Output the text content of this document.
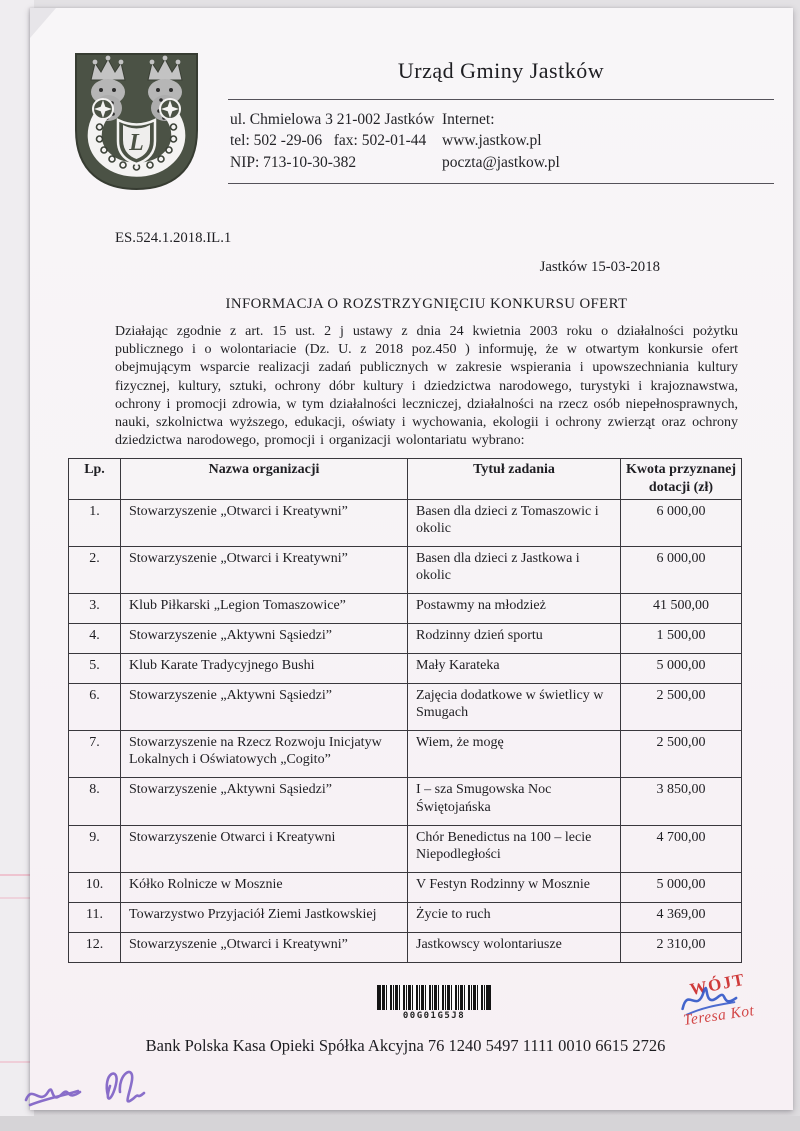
L
Urząd Gminy Jastków
ul. Chmielowa 3 21-002 Jastków
tel: 502 -29-06   fax: 502-01-44
NIP: 713-10-30-382
Internet:
www.jastkow.pl
poczta@jastkow.pl
ES.524.1.2018.IL.1
Jastków 15-03-2018
INFORMACJA O ROZSTRZYGNIĘCIU KONKURSU OFERT
Działając zgodnie z art. 15 ust. 2 j ustawy z dnia 24 kwietnia 2003 roku o działalności pożytku publicznego i o wolontariacie (Dz. U. z 2018 poz.450 ) informuję, że w otwartym konkursie ofert obejmującym wsparcie realizacji zadań publicznych w zakresie wspierania i upowszechniania kultury fizycznej, kultury, sztuki, ochrony dóbr kultury i dziedzictwa narodowego, turystyki i krajoznawstwa, ochrony i promocji zdrowia, w tym działalności leczniczej, działalności na rzecz osób niepełnosprawnych, nauki, szkolnictwa wyższego, edukacji, oświaty i wychowania, ekologii i ochrony zwierząt oraz ochrony dziedzictwa narodowego, promocji i organizacji wolontariatu wybrano:
Lp.	Nazwa organizacji	Tytuł zadania	Kwota przyznanej dotacji (zł)
1.	Stowarzyszenie „Otwarci i Kreatywni”	Basen dla dzieci z Tomaszowic i okolic	6 000,00
2.	Stowarzyszenie „Otwarci i Kreatywni”	Basen dla dzieci z Jastkowa i okolic	6 000,00
3.	Klub Piłkarski „Legion Tomaszowice”	Postawmy na młodzież	41 500,00
4.	Stowarzyszenie „Aktywni Sąsiedzi”	Rodzinny dzień sportu	1 500,00
5.	Klub Karate Tradycyjnego Bushi	Mały Karateka	5 000,00
6.	Stowarzyszenie „Aktywni Sąsiedzi”	Zajęcia dodatkowe w świetlicy w Smugach	2 500,00
7.	Stowarzyszenie na Rzecz Rozwoju Inicjatyw Lokalnych i Oświatowych „Cogito”	Wiem, że mogę	2 500,00
8.	Stowarzyszenie „Aktywni Sąsiedzi”	I – sza Smugowska Noc Świętojańska	3 850,00
9.	Stowarzyszenie Otwarci i Kreatywni	Chór Benedictus na 100 – lecie Niepodległości	4 700,00
10.	Kółko Rolnicze w Mosznie	V Festyn Rodzinny w Mosznie	5 000,00
11.	Towarzystwo Przyjaciół Ziemi Jastkowskiej	Życie to ruch	4 369,00
12.	Stowarzyszenie „Otwarci i Kreatywni”	Jastkowscy wolontariusze	2 310,00
00G01G5J8
WÓJT
Teresa Kot
Bank Polska Kasa Opieki Spółka Akcyjna 76 1240 5497 1111 0010 6615 2726
